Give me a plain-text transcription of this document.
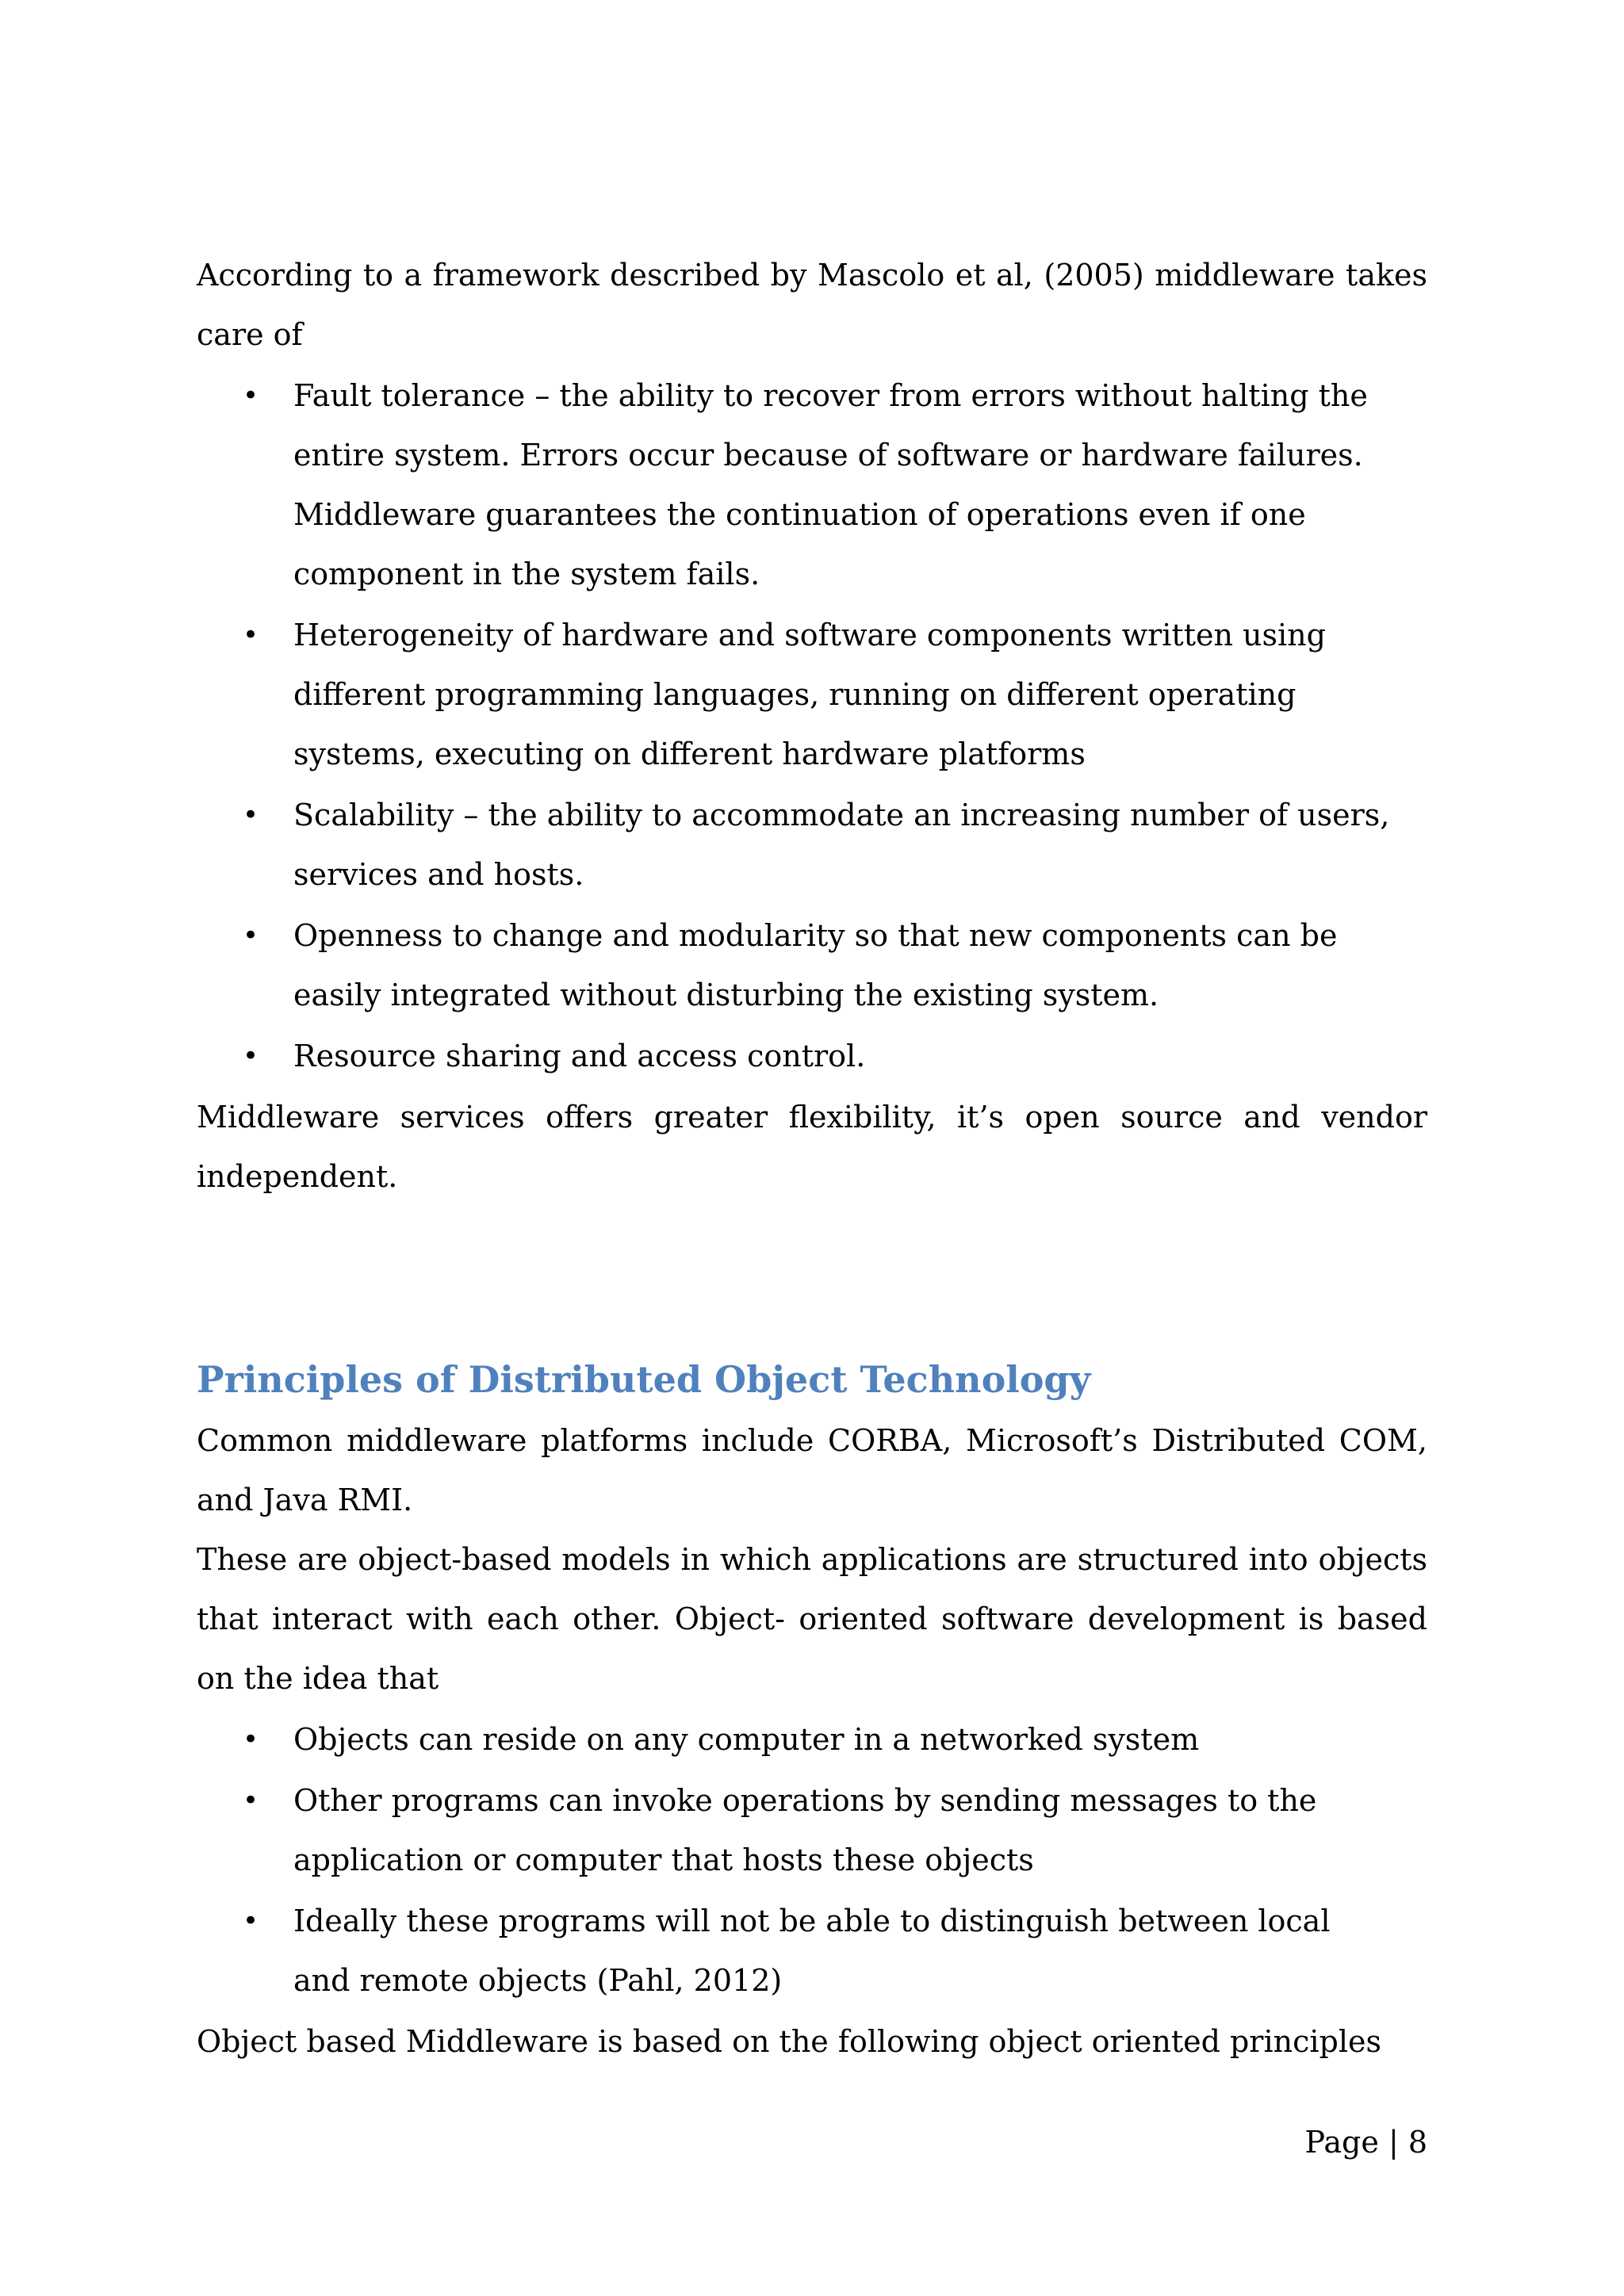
According to a framework described by Mascolo et al, (2005) middleware takes care of

• Fault tolerance – the ability to recover from errors without halting the entire system. Errors occur because of software or hardware failures. Middleware guarantees the continuation of operations even if one component in the system fails.
• Heterogeneity of hardware and software components written using different programming languages, running on different operating systems, executing on different hardware platforms
• Scalability – the ability to accommodate an increasing number of users, services and hosts.
• Openness to change and modularity so that new components can be easily integrated without disturbing the existing system.
• Resource sharing and access control.

Middleware services offers greater flexibility, it’s open source and vendor independent.

Principles of Distributed Object Technology

Common middleware platforms include CORBA, Microsoft’s Distributed COM, and Java RMI.

These are object-based models in which applications are structured into objects that interact with each other. Object- oriented software development is based on the idea that

• Objects can reside on any computer in a networked system
• Other programs can invoke operations by sending messages to the application or computer that hosts these objects
• Ideally these programs will not be able to distinguish between local and remote objects (Pahl, 2012)

Object based Middleware is based on the following object oriented principles

Page | 8
